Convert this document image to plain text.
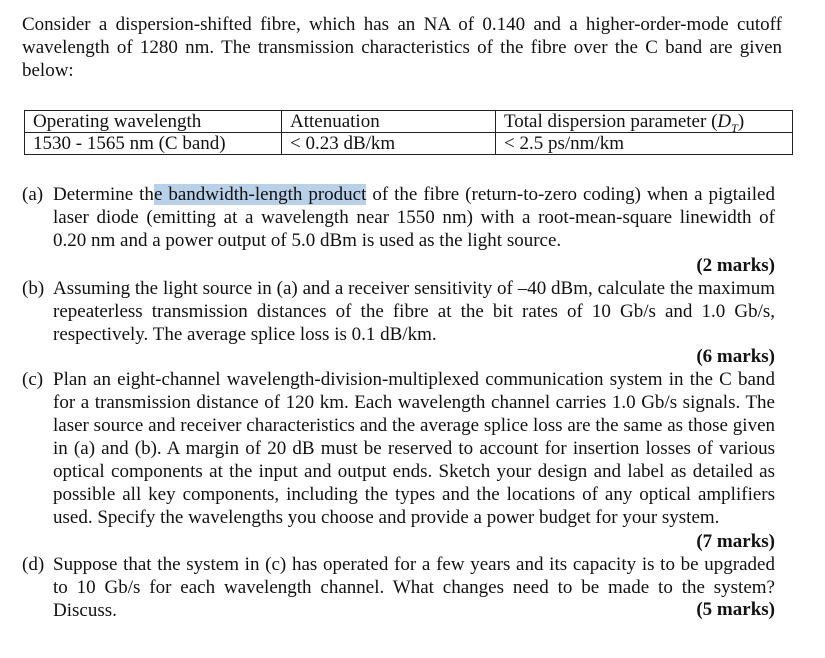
Consider a dispersion-shifted fibre, which has an NA of 0.140 and a higher-order-mode cutoff wavelength of 1280 nm. The transmission characteristics of the fibre over the C band are given below:
Operating wavelength	Attenuation	Total dispersion parameter $(D_T)$
1530 - 1565 nm (C band)	< 0.23 dB/km	< 2.5 ps/nm/km
(a) Determine the bandwidth-length product of the fibre (return-to-zero coding) when a pigtailed laser diode (emitting at a wavelength near 1550 nm) with a root-mean-square linewidth of 0.20 nm and a power output of 5.0 dBm is used as the light source.
(2 marks)
(b) Assuming the light source in (a) and a receiver sensitivity of –40 dBm, calculate the maximum repeaterless transmission distances of the fibre at the bit rates of 10 Gb/s and 1.0 Gb/s, respectively. The average splice loss is 0.1 dB/km.
(6 marks)
(c) Plan an eight-channel wavelength-division-multiplexed communication system in the C band for a transmission distance of 120 km. Each wavelength channel carries 1.0 Gb/s signals. The laser source and receiver characteristics and the average splice loss are the same as those given in (a) and (b). A margin of 20 dB must be reserved to account for insertion losses of various optical components at the input and output ends. Sketch your design and label as detailed as possible all key components, including the types and the locations of any optical amplifiers used. Specify the wavelengths you choose and provide a power budget for your system.
(7 marks)
(d) Suppose that the system in (c) has operated for a few years and its capacity is to be upgraded to 10 Gb/s for each wavelength channel. What changes need to be made to the system? Discuss.	(5 marks)
